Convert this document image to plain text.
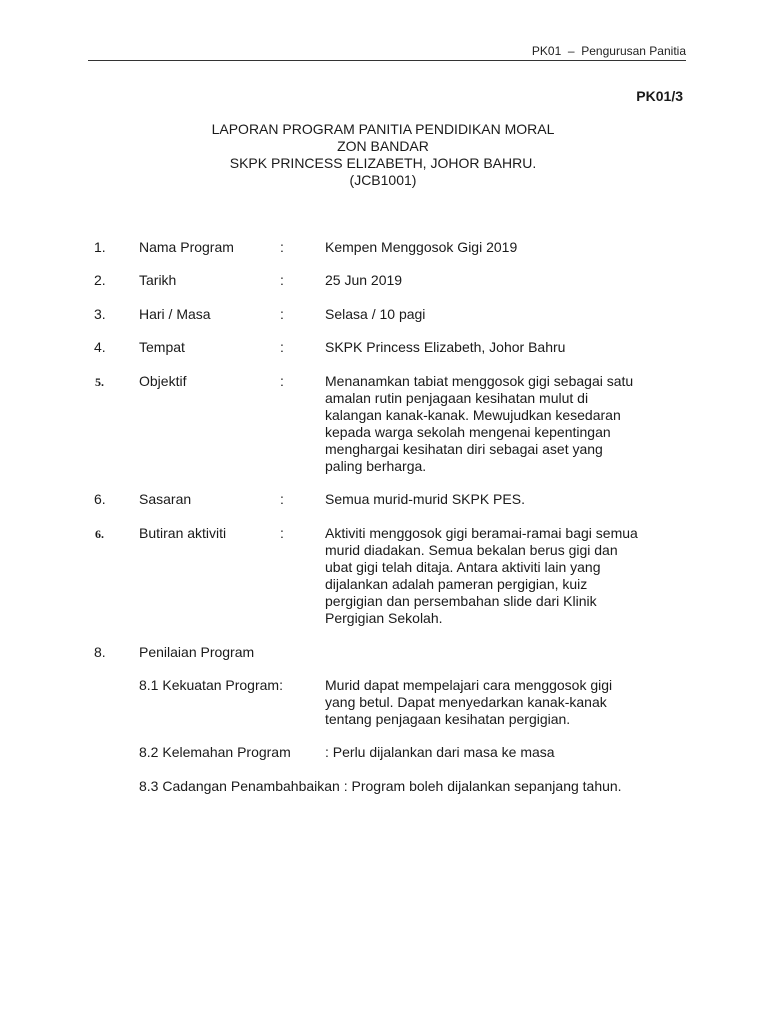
PK01  –  Pengurusan Panitia
PK01/3
LAPORAN PROGRAM PANITIA PENDIDIKAN MORAL
ZON BANDAR
SKPK PRINCESS ELIZABETH, JOHOR BAHRU.
(JCB1001)
1. Nama Program	:	Kempen Menggosok Gigi 2019
2. Tarikh	:	25 Jun 2019
3. Hari / Masa	:	Selasa / 10 pagi
4. Tempat	:	SKPK Princess Elizabeth, Johor Bahru
5.	Objektif	:	Menanamkan tabiat menggosok gigi sebagai satu
amalan rutin penjagaan kesihatan mulut di
kalangan kanak-kanak. Mewujudkan kesedaran
kepada warga sekolah mengenai kepentingan
menghargai kesihatan diri sebagai aset yang
paling berharga.
6. Sasaran	:	Semua murid-murid SKPK PES.
6.	Butiran aktiviti	:	Aktiviti menggosok gigi beramai-ramai bagi semua
murid diadakan. Semua bekalan berus gigi dan
ubat gigi telah ditaja. Antara aktiviti lain yang
dijalankan adalah pameran pergigian, kuiz
pergigian dan persembahan slide dari Klinik
Pergigian Sekolah.
8. Penilaian Program
8.1 Kekuatan Program:	Murid dapat mempelajari cara menggosok gigi
yang betul. Dapat menyedarkan kanak-kanak
tentang penjagaan kesihatan pergigian.
8.2 Kelemahan Program : Perlu dijalankan dari masa ke masa
8.3 Cadangan Penambahbaikan : Program boleh dijalankan sepanjang tahun.
